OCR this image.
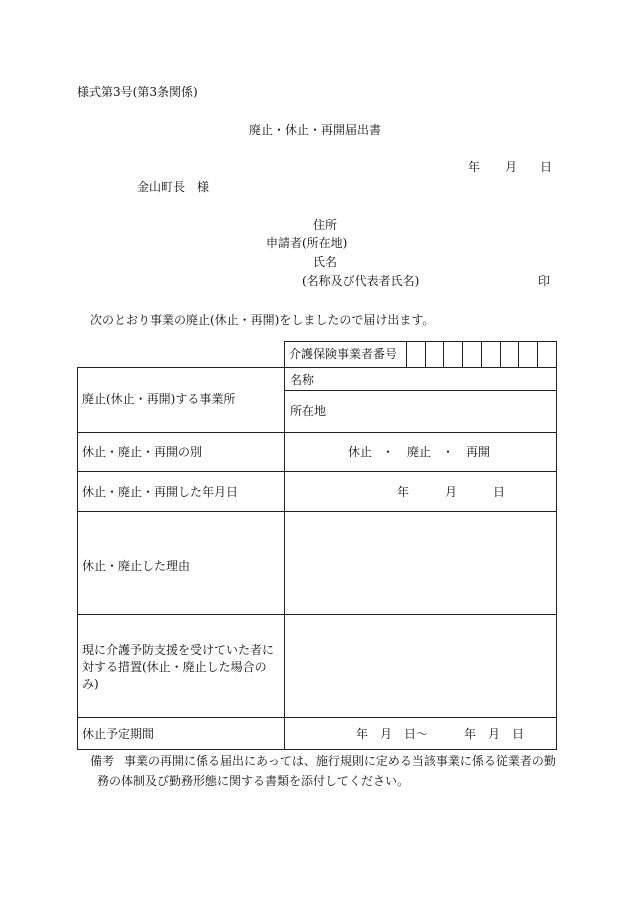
様式第3号(第3条関係)
廃止・休止・再開届出書
年 月 日
金山町長　様
住所
申請者(所在地)
氏名
(名称及び代表者氏名)	印
次のとおり事業の廃止(休止・再開)をしましたので届け出ます。
介護保険事業者番号
廃止(休止・再開)する事業所
名称
所在地
休止・廃止・再開の別	休止 ・ 廃止 ・ 再開
休止・廃止・再開した年月日	年	月	日
休止・廃止した理由
現に介護予防支援を受けていた者に対する措置(休止・廃止した場合のみ)
休止予定期間	年　月　日～　　　年　月　日
備考 事業の再開に係る届出にあっては、施行規則に定める当該事業に係る従業者の勤
務の体制及び勤務形態に関する書類を添付してください。
